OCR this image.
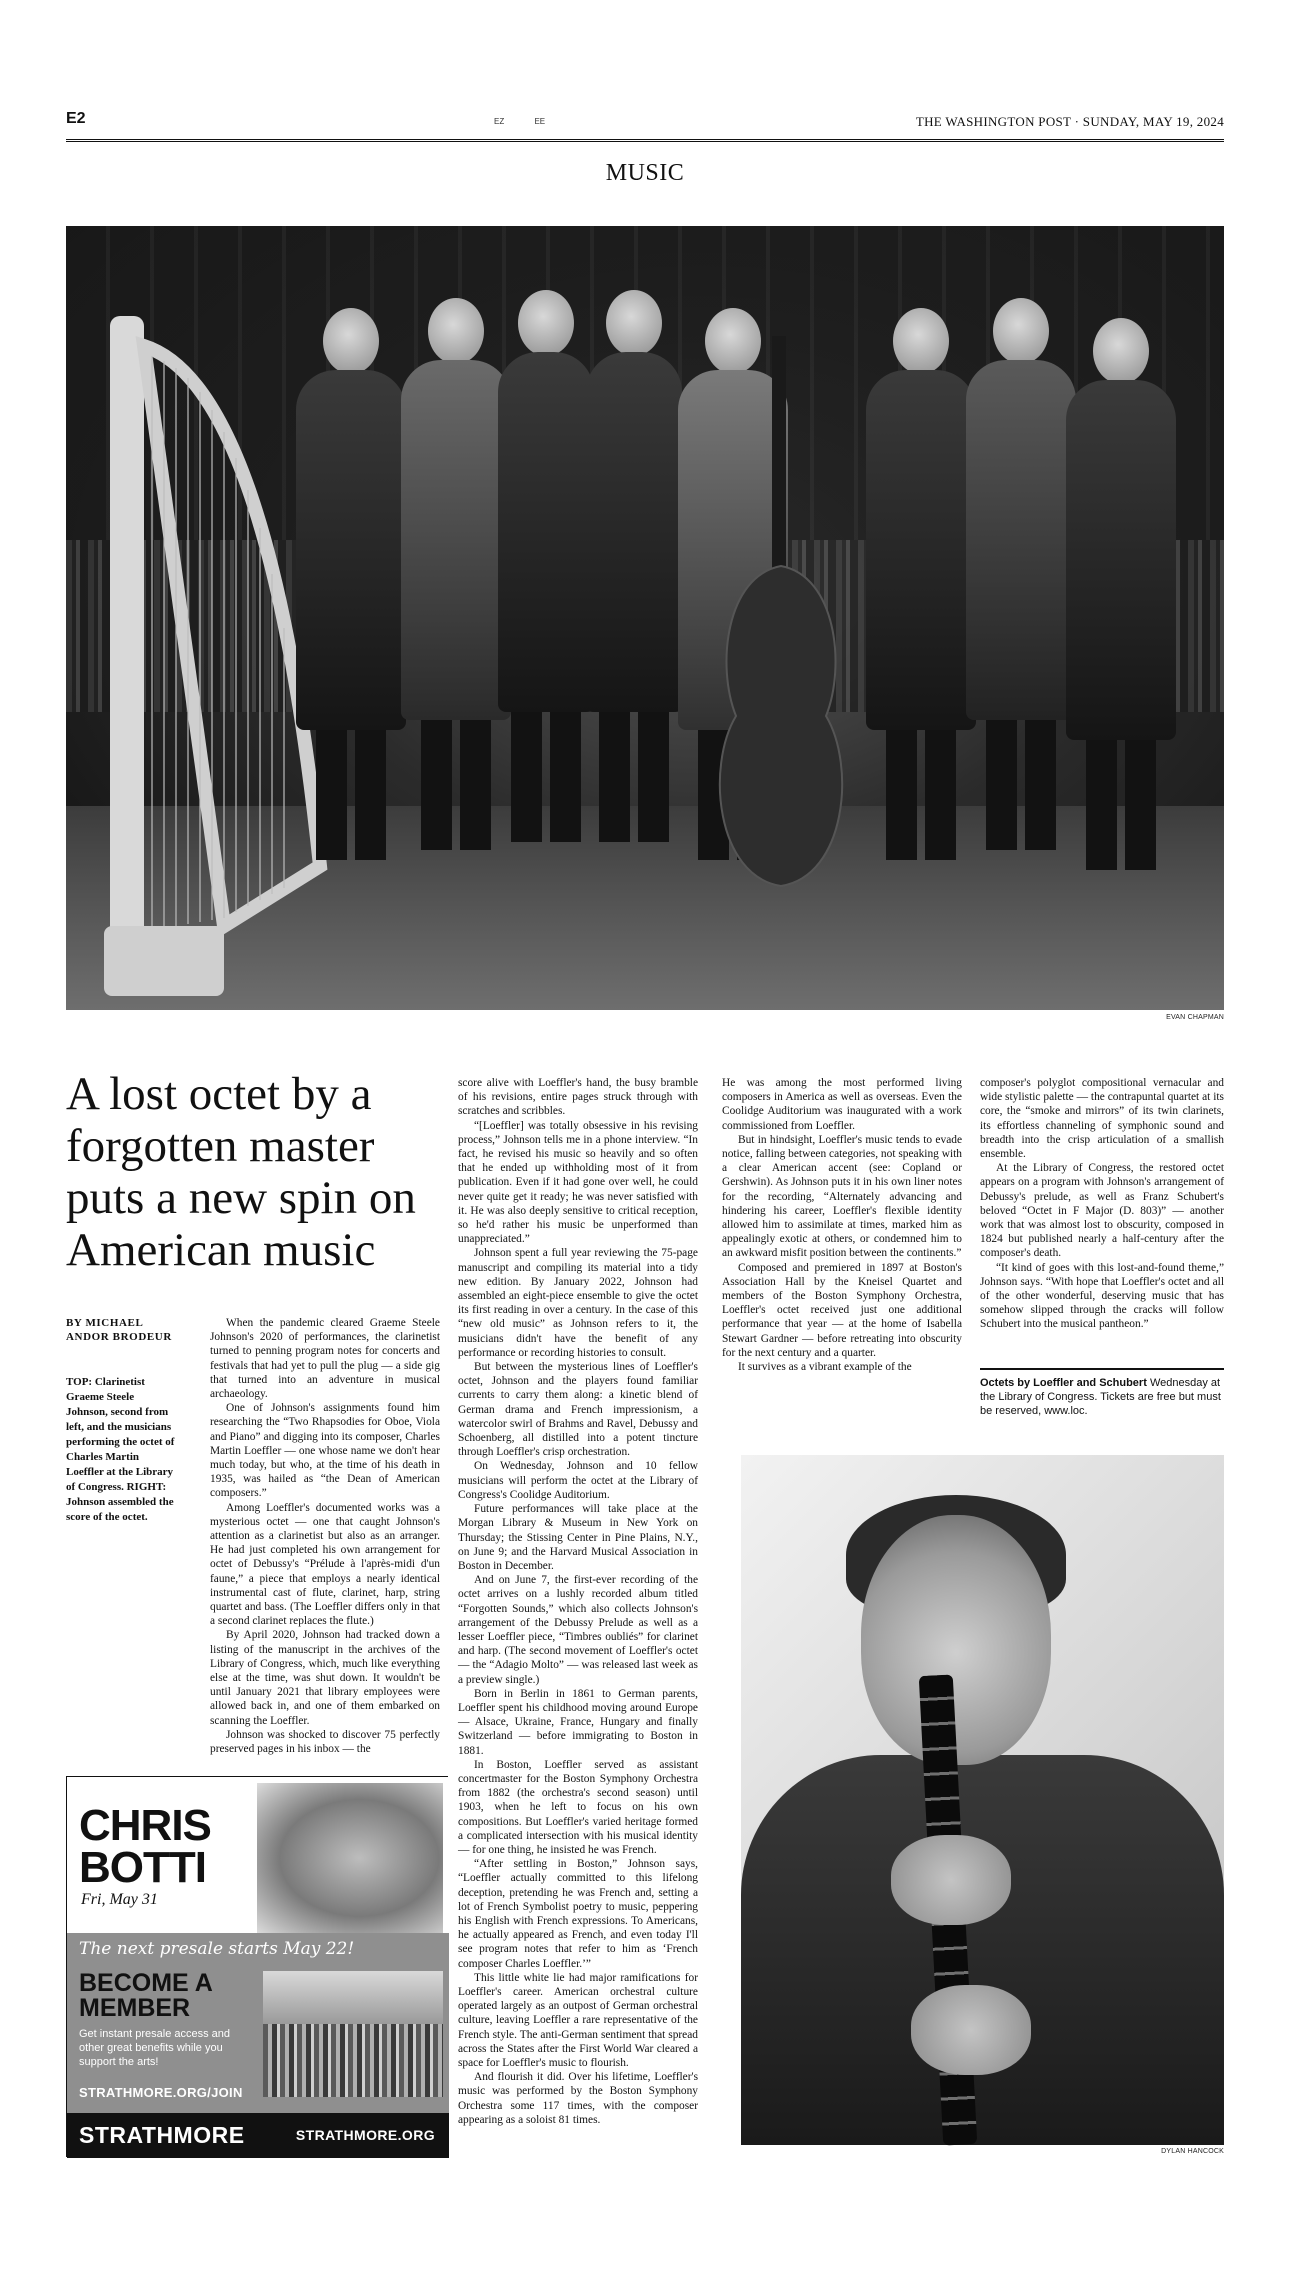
E2	EZ	EE	THE WASHINGTON POST · SUNDAY, MAY 19, 2024
MUSIC
EVAN CHAPMAN
A lost octet by a forgotten master puts a new spin on American music
BY MICHAEL ANDOR BRODEUR
TOP: Clarinetist Graeme Steele Johnson, second from left, and the musicians performing the octet of Charles Martin Loeffler at the Library of Congress. RIGHT: Johnson assembled the score of the octet.

When the pandemic cleared Graeme Steele Johnson's 2020 of performances, the clarinetist turned to penning program notes for concerts and festivals that had yet to pull the plug — a side gig that turned into an adventure in musical archaeology.

One of Johnson's assignments found him researching the “Two Rhapsodies for Oboe, Viola and Piano” and digging into its composer, Charles Martin Loeffler — one whose name we don't hear much today, but who, at the time of his death in 1935, was hailed as “the Dean of American composers.”

Among Loeffler's documented works was a mysterious octet — one that caught Johnson's attention as a clarinetist but also as an arranger. He had just completed his own arrangement for octet of Debussy's “Prélude à l'après-midi d'un faune,” a piece that employs a nearly identical instrumental cast of flute, clarinet, harp, string quartet and bass. (The Loeffler differs only in that a second clarinet replaces the flute.)

By April 2020, Johnson had tracked down a listing of the manuscript in the archives of the Library of Congress, which, much like everything else at the time, was shut down. It wouldn't be until January 2021 that library employees were allowed back in, and one of them embarked on scanning the Loeffler.

Johnson was shocked to discover 75 perfectly preserved pages in his inbox — the

score alive with Loeffler's hand, the busy bramble of his revisions, entire pages struck through with scratches and scribbles.

“[Loeffler] was totally obsessive in his revising process,” Johnson tells me in a phone interview. “In fact, he revised his music so heavily and so often that he ended up withholding most of it from publication. Even if it had gone over well, he could never quite get it ready; he was never satisfied with it. He was also deeply sensitive to critical reception, so he'd rather his music be unperformed than unappreciated.”

Johnson spent a full year reviewing the 75-page manuscript and compiling its material into a tidy new edition. By January 2022, Johnson had assembled an eight-piece ensemble to give the octet its first reading in over a century. In the case of this “new old music” as Johnson refers to it, the musicians didn't have the benefit of any performance or recording histories to consult.

But between the mysterious lines of Loeffler's octet, Johnson and the players found familiar currents to carry them along: a kinetic blend of German drama and French impressionism, a watercolor swirl of Brahms and Ravel, Debussy and Schoenberg, all distilled into a potent tincture through Loeffler's crisp orchestration.

On Wednesday, Johnson and 10 fellow musicians will perform the octet at the Library of Congress's Coolidge Auditorium.

Future performances will take place at the Morgan Library & Museum in New York on Thursday; the Stissing Center in Pine Plains, N.Y., on June 9; and the Harvard Musical Association in Boston in December.

And on June 7, the first-ever recording of the octet arrives on a lushly recorded album titled “Forgotten Sounds,” which also collects Johnson's arrangement of the Debussy Prelude as well as a lesser Loeffler piece, “Timbres oubliés” for clarinet and harp. (The second movement of Loeffler's octet — the “Adagio Molto” — was released last week as a preview single.)

Born in Berlin in 1861 to German parents, Loeffler spent his childhood moving around Europe — Alsace, Ukraine, France, Hungary and finally Switzerland — before immigrating to Boston in 1881.

In Boston, Loeffler served as assistant concertmaster for the Boston Symphony Orchestra from 1882 (the orchestra's second season) until 1903, when he left to focus on his own compositions. But Loeffler's varied heritage formed a complicated intersection with his musical identity — for one thing, he insisted he was French.

“After settling in Boston,” Johnson says, “Loeffler actually committed to this lifelong deception, pretending he was French and, setting a lot of French Symbolist poetry to music, peppering his English with French expressions. To Americans, he actually appeared as French, and even today I'll see program notes that refer to him as ‘French composer Charles Loeffler.’”

This little white lie had major ramifications for Loeffler's career. American orchestral culture operated largely as an outpost of German orchestral culture, leaving Loeffler a rare representative of the French style. The anti-German sentiment that spread across the States after the First World War cleared a space for Loeffler's music to flourish.

And flourish it did. Over his lifetime, Loeffler's music was performed by the Boston Symphony Orchestra some 117 times, with the composer appearing as a soloist 81 times.

He was among the most performed living composers in America as well as overseas. Even the Coolidge Auditorium was inaugurated with a work commissioned from Loeffler.

But in hindsight, Loeffler's music tends to evade notice, falling between categories, not speaking with a clear American accent (see: Copland or Gershwin). As Johnson puts it in his own liner notes for the recording, “Alternately advancing and hindering his career, Loeffler's flexible identity allowed him to assimilate at times, marked him as appealingly exotic at others, or condemned him to an awkward misfit position between the continents.”

Composed and premiered in 1897 at Boston's Association Hall by the Kneisel Quartet and members of the Boston Symphony Orchestra, Loeffler's octet received just one additional performance that year — at the home of Isabella Stewart Gardner — before retreating into obscurity for the next century and a quarter.

It survives as a vibrant example of the

composer's polyglot compositional vernacular and wide stylistic palette — the contrapuntal quartet at its core, the “smoke and mirrors” of its twin clarinets, its effortless channeling of symphonic sound and breadth into the crisp articulation of a smallish ensemble.

At the Library of Congress, the restored octet appears on a program with Johnson's arrangement of Debussy's prelude, as well as Franz Schubert's beloved “Octet in F Major (D. 803)” — another work that was almost lost to obscurity, composed in 1824 but published nearly a half-century after the composer's death.

“It kind of goes with this lost-and-found theme,” Johnson says. “With hope that Loeffler's octet and all of the other wonderful, deserving music that has somehow slipped through the cracks will follow Schubert into the musical pantheon.”

Octets by Loeffler and Schubert Wednesday at the Library of Congress. Tickets are free but must be reserved, www.loc.
DYLAN HANCOCK
CHRIS
BOTTI
Fri, May 31
The next presale starts May 22!
BECOME A
MEMBER
Get instant presale access and other great benefits while you support the arts!
STRATHMORE.ORG/JOIN
STRATHMORE	STRATHMORE.ORG
